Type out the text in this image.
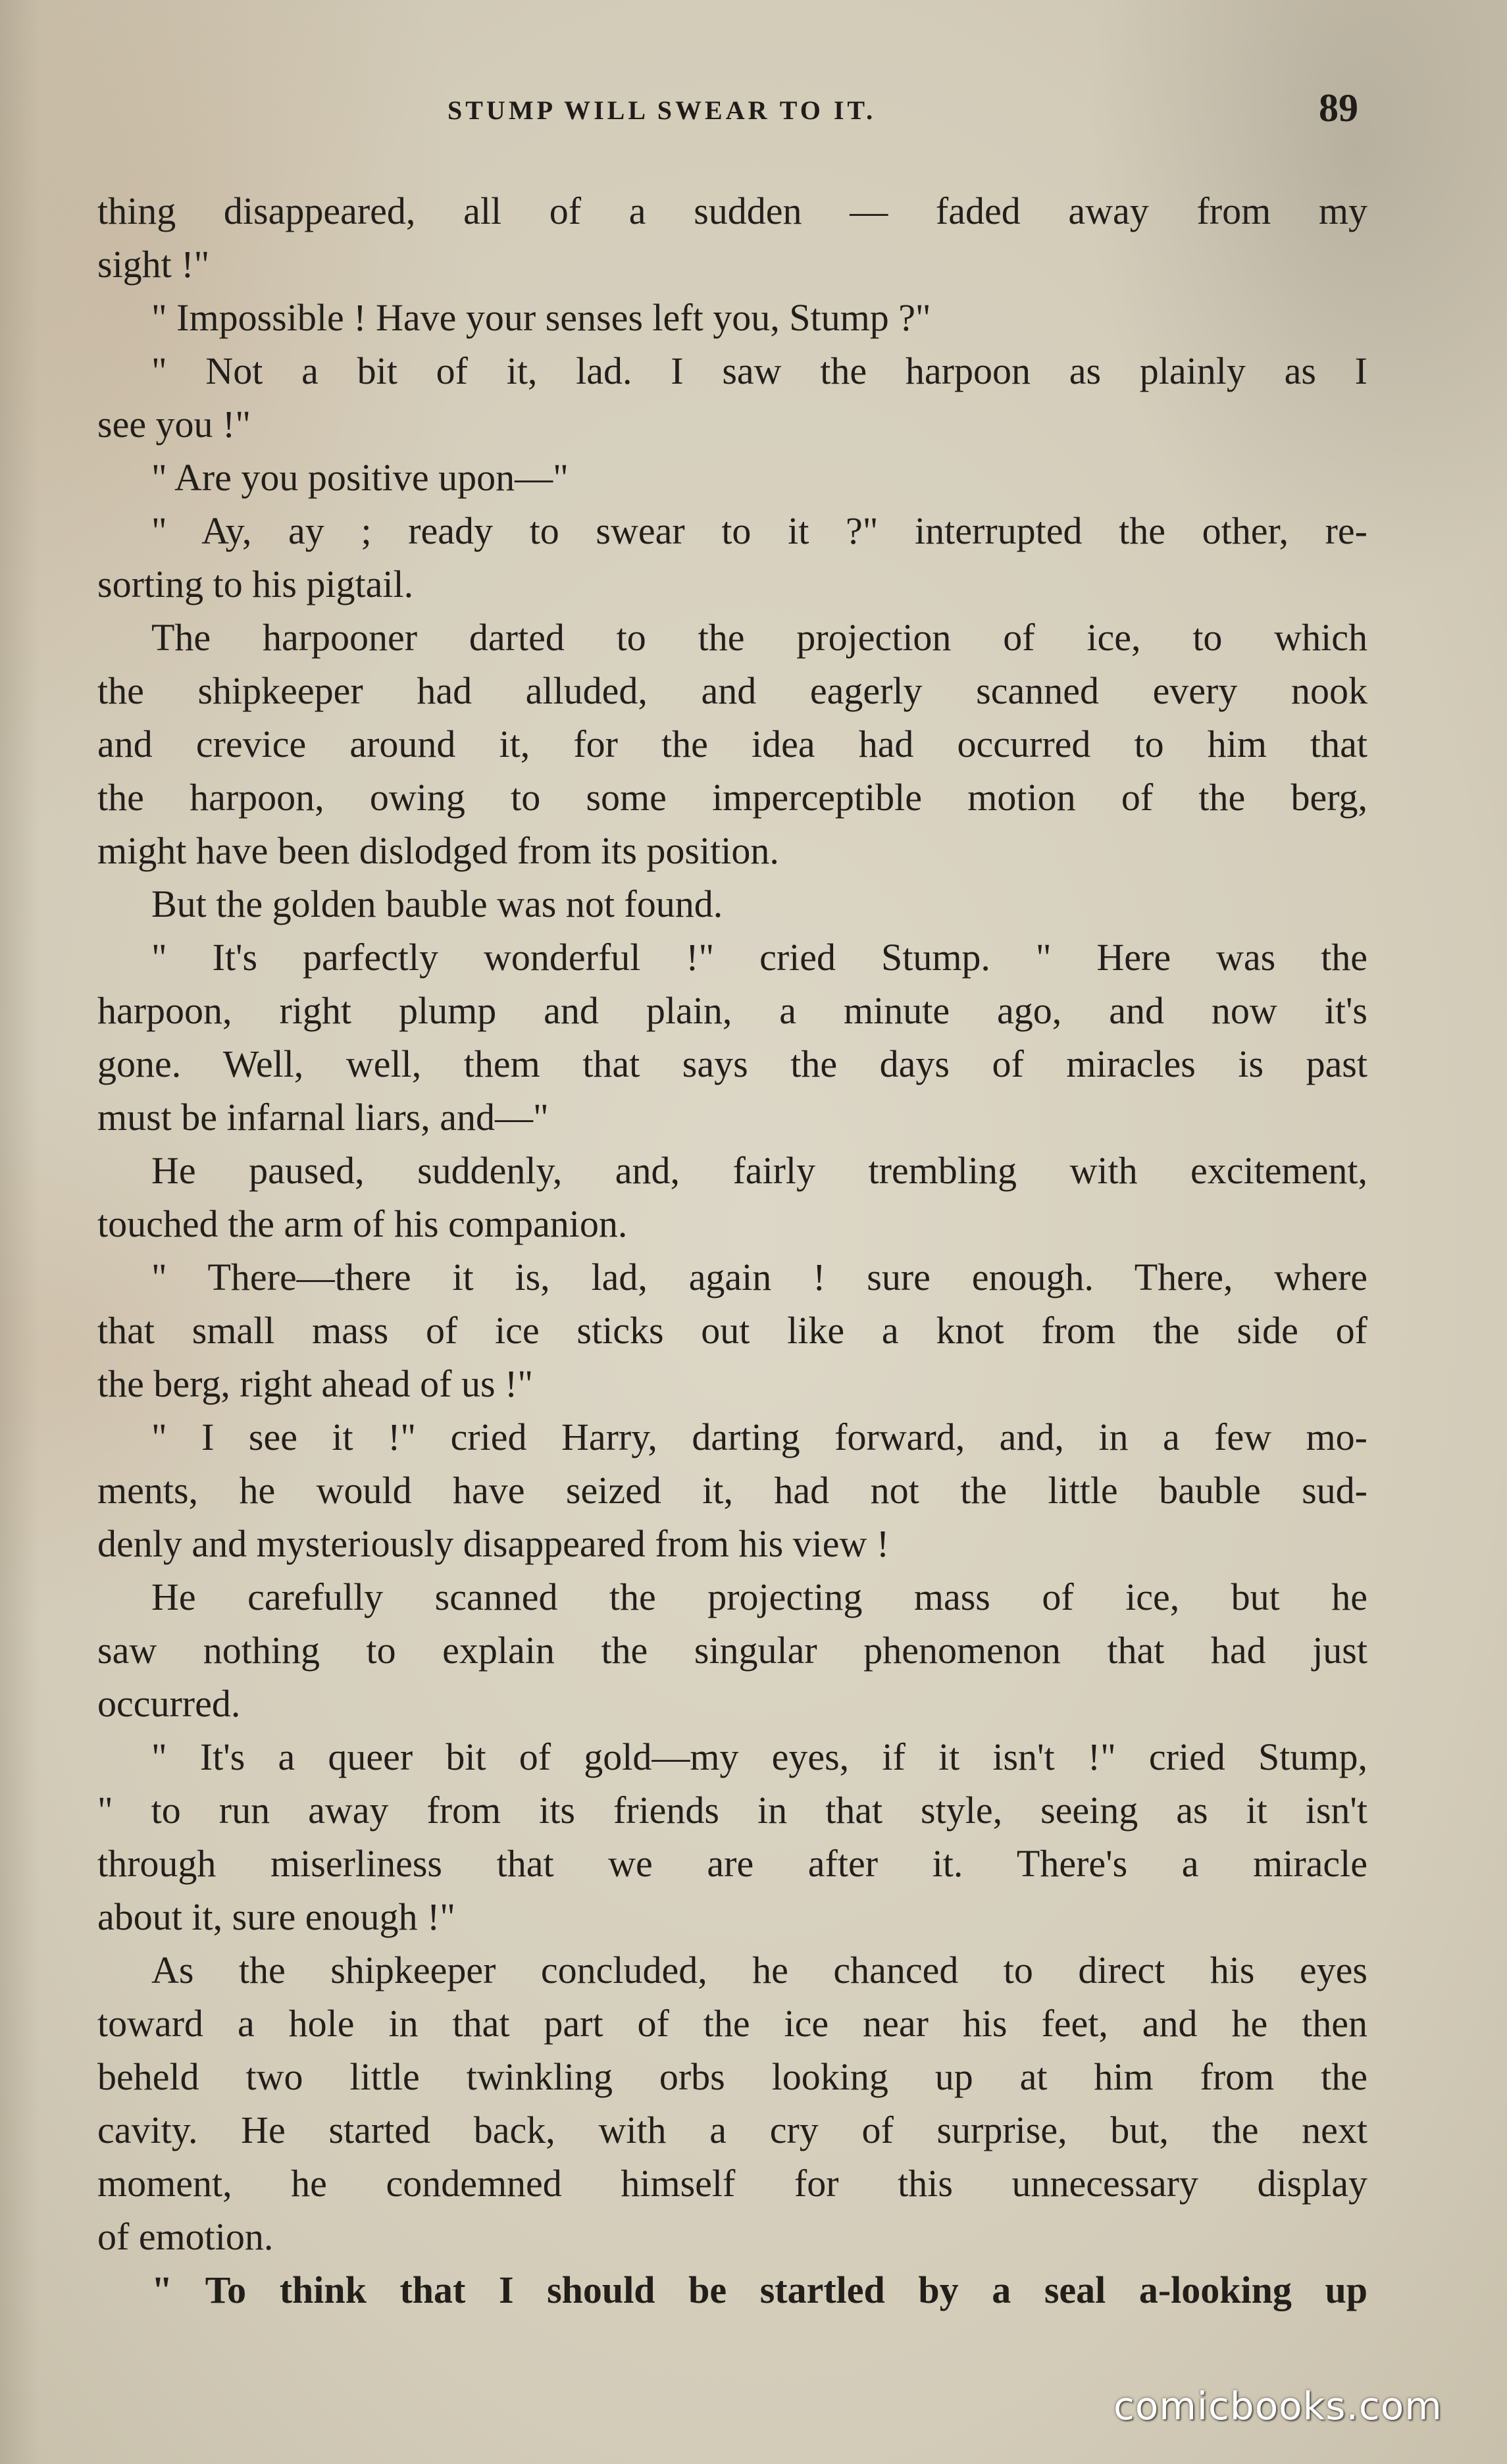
STUMP WILL SWEAR TO IT.	89
thing disappeared, all of a sudden — faded away from my
sight !"
" Impossible ! Have your senses left you, Stump ?"
" Not a bit of it, lad. I saw the harpoon as plainly as I
see you !"
" Are you positive upon—"
" Ay, ay ; ready to swear to it ?" interrupted the other, re-
sorting to his pigtail.
The harpooner darted to the projection of ice, to which
the shipkeeper had alluded, and eagerly scanned every nook
and crevice around it, for the idea had occurred to him that
the harpoon, owing to some imperceptible motion of the berg,
might have been dislodged from its position.
But the golden bauble was not found.
" It's parfectly wonderful !" cried Stump. " Here was the
harpoon, right plump and plain, a minute ago, and now it's
gone. Well, well, them that says the days of miracles is past
must be infarnal liars, and—"
He paused, suddenly, and, fairly trembling with excitement,
touched the arm of his companion.
" There—there it is, lad, again ! sure enough. There, where
that small mass of ice sticks out like a knot from the side of
the berg, right ahead of us !"
" I see it !" cried Harry, darting forward, and, in a few mo-
ments, he would have seized it, had not the little bauble sud-
denly and mysteriously disappeared from his view !
He carefully scanned the projecting mass of ice, but he
saw nothing to explain the singular phenomenon that had just
occurred.
" It's a queer bit of gold—my eyes, if it isn't !" cried Stump,
" to run away from its friends in that style, seeing as it isn't
through miserliness that we are after it. There's a miracle
about it, sure enough !"
As the shipkeeper concluded, he chanced to direct his eyes
toward a hole in that part of the ice near his feet, and he then
beheld two little twinkling orbs looking up at him from the
cavity. He started back, with a cry of surprise, but, the next
moment, he condemned himself for this unnecessary display
of emotion.
" To think that I should be startled by a seal a-looking up
comicbooks.com
